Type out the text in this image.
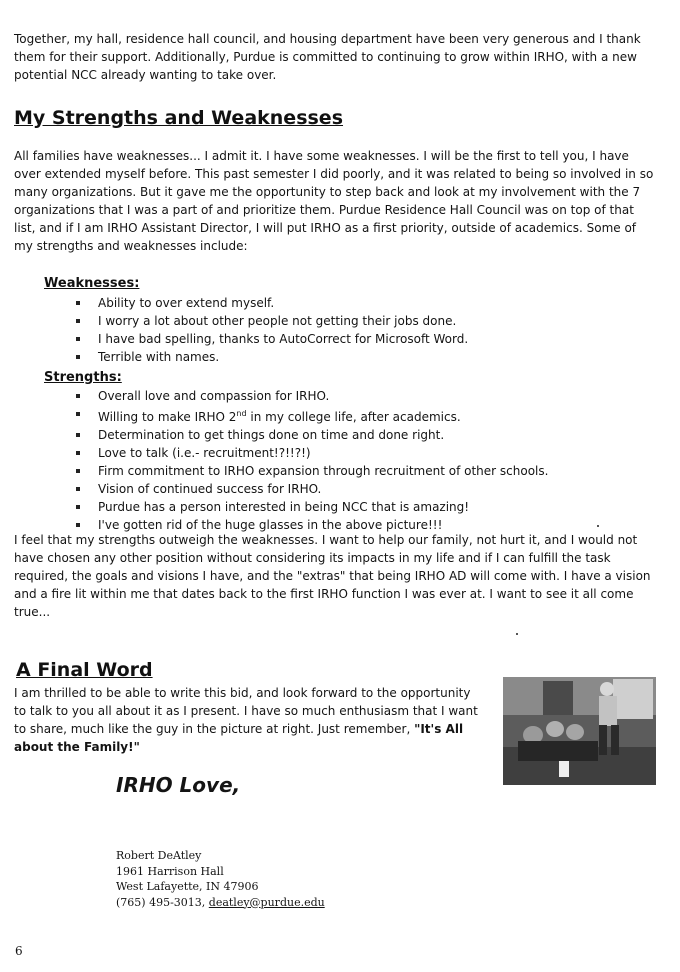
Together, my hall, residence hall council, and housing department have been very generous and I thank them for their support. Additionally, Purdue is committed to continuing to grow within IRHO, with a new potential NCC already wanting to take over.

My Strengths and Weaknesses

All families have weaknesses... I admit it. I have some weaknesses. I will be the first to tell you, I have over extended myself before. This past semester I did poorly, and it was related to being so involved in so many organizations. But it gave me the opportunity to step back and look at my involvement with the 7 organizations that I was a part of and prioritize them. Purdue Residence Hall Council was on top of that list, and if I am IRHO Assistant Director, I will put IRHO as a first priority, outside of academics. Some of my strengths and weaknesses include:

Weaknesses:
Ability to over extend myself.
I worry a lot about other people not getting their jobs done.
I have bad spelling, thanks to AutoCorrect for Microsoft Word.
Terrible with names.
Strengths:
Overall love and compassion for IRHO.
Willing to make IRHO 2nd in my college life, after academics.
Determination to get things done on time and done right.
Love to talk (i.e.- recruitment!?!!?!)
Firm commitment to IRHO expansion through recruitment of other schools.
Vision of continued success for IRHO.
Purdue has a person interested in being NCC that is amazing!
I've gotten rid of the huge glasses in the above picture!!!

I feel that my strengths outweigh the weaknesses. I want to help our family, not hurt it, and I would not have chosen any other position without considering its impacts in my life and if I can fulfill the task required, the goals and visions I have, and the "extras" that being IRHO AD will come with. I have a vision and a fire lit within me that dates back to the first IRHO function I was ever at. I want to see it all come true...

A Final Word

I am thrilled to be able to write this bid, and look forward to the opportunity to talk to you all about it as I present. I have so much enthusiasm that I want to share, much like the guy in the picture at right. Just remember, "It's All about the Family!"

IRHO Love,
Robert DeAtley
1961 Harrison Hall
West Lafayette, IN 47906
(765) 495-3013, deatley@purdue.edu
6
